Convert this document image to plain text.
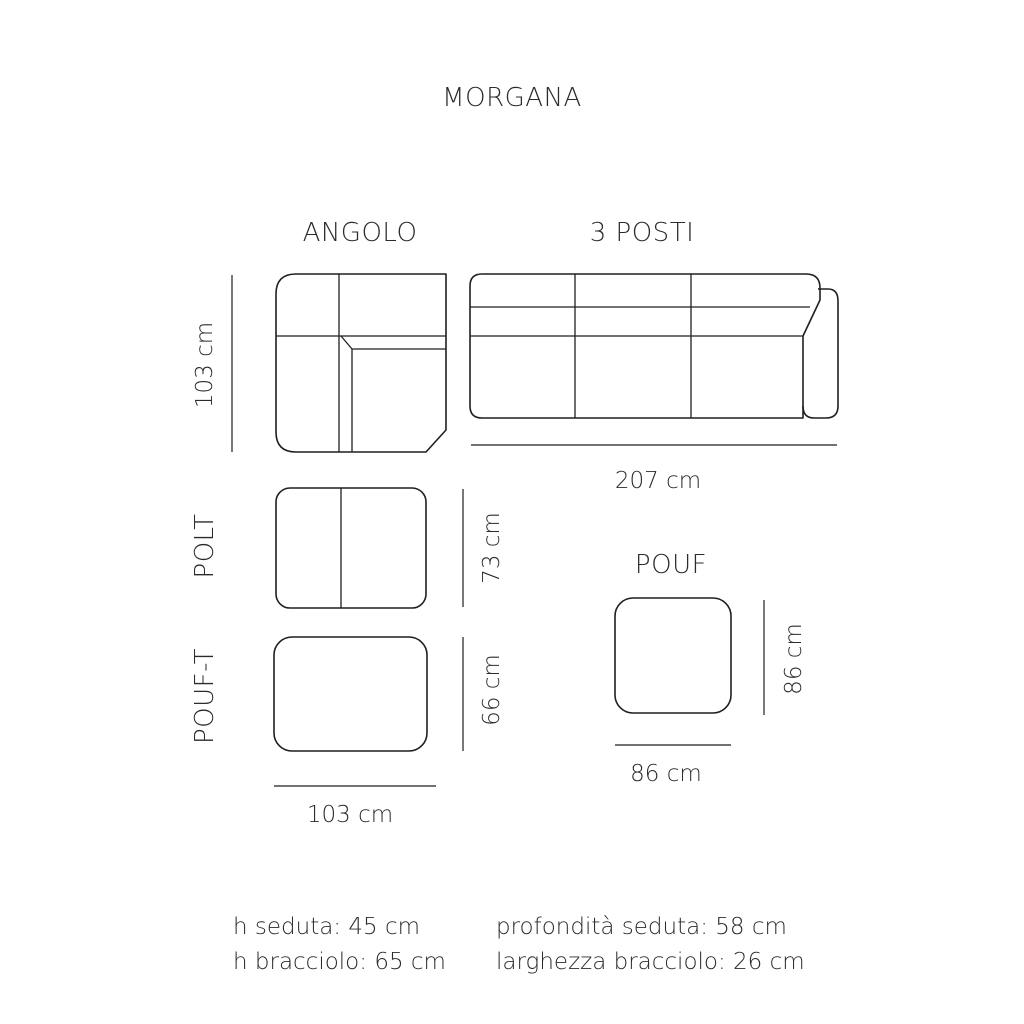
MORGANA
ANGOLO
103 cm
3 POSTI
207 cm
POLT	73 cm
POUF-T	66 cm
103 cm
POUF
86 cm
86 cm
h seduta: 45 cm
h bracciolo: 65 cm
profondità seduta: 58 cm
larghezza bracciolo: 26 cm
